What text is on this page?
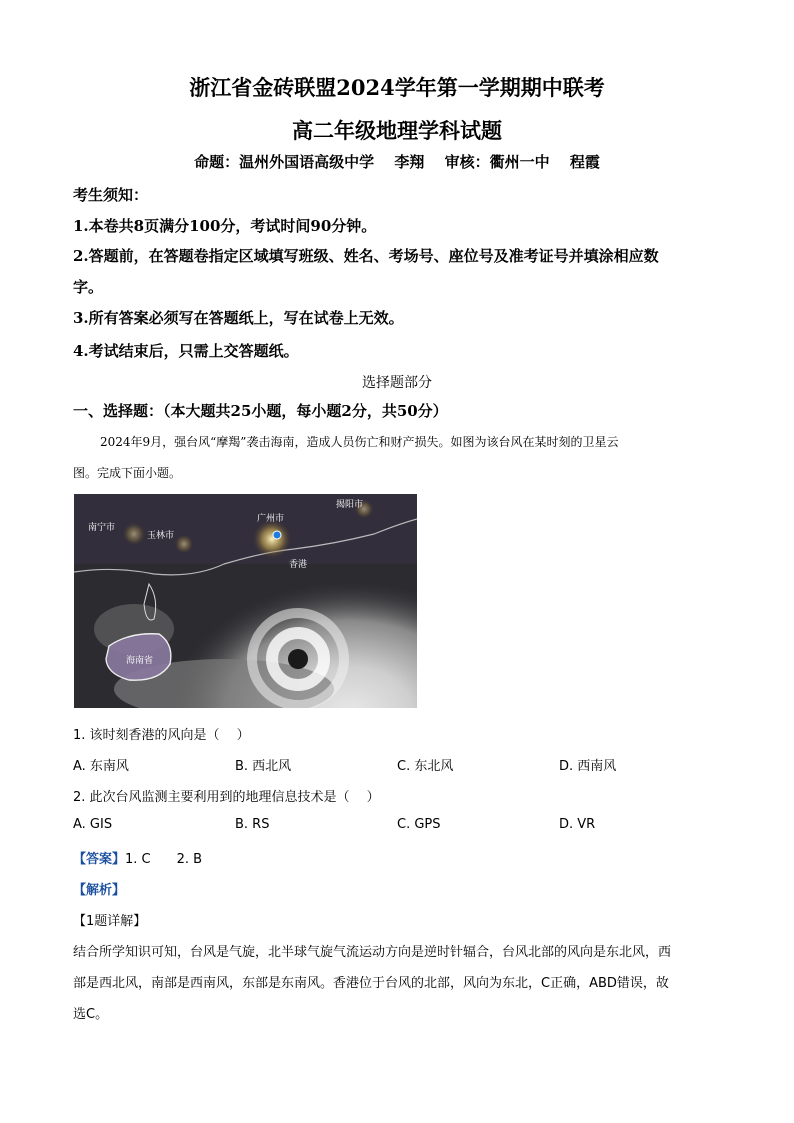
浙江省金砖联盟2024学年第一学期期中联考
高二年级地理学科试题
命题：温州外国语高级中学　 李翔　 审核：衢州一中　 程霞
考生须知：
1.本卷共8页满分100分，考试时间90分钟。
2.答题前，在答题卷指定区域填写班级、姓名、考场号、座位号及准考证号并填涂相应数
字。
3.所有答案必须写在答题纸上，写在试卷上无效。
4.考试结束后，只需上交答题纸。
选择题部分
一、选择题：（本大题共25小题，每小题2分，共50分）
2024年9月，强台风“摩羯”袭击海南，造成人员伤亡和财产损失。如图为该台风在某时刻的卫星云
图。完成下面小题。
南宁市
玉林市
广州市
揭阳市
香港
海南省
1. 该时刻香港的风向是（　 ）
A. 东南风	B. 西北风	C. 东北风	D. 西南风
2. 此次台风监测主要利用到的地理信息技术是（　 ）
A. GIS	B. RS	C. GPS	D. VR
【答案】1. C　　2. B
【解析】
【1题详解】
结合所学知识可知，台风是气旋，北半球气旋气流运动方向是逆时针辐合，台风北部的风向是东北风，西
部是西北风，南部是西南风，东部是东南风。香港位于台风的北部，风向为东北，C正确，ABD错误，故
选C。
